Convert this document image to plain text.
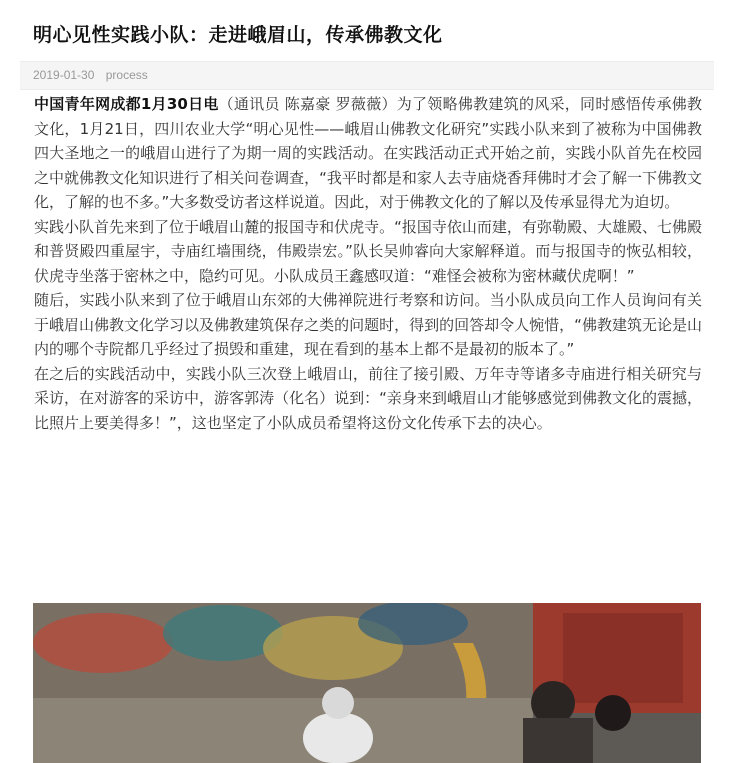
明心见性实践小队：走进峨眉山，传承佛教文化
2019-01-30 process

中国青年网成都1月30日电（通讯员 陈嘉豪 罗薇薇）为了领略佛教建筑的风采，同时感悟传承佛教文化，1月21日，四川农业大学“明心见性——峨眉山佛教文化研究”实践小队来到了被称为中国佛教四大圣地之一的峨眉山进行了为期一周的实践活动。在实践活动正式开始之前，实践小队首先在校园之中就佛教文化知识进行了相关问卷调查，“我平时都是和家人去寺庙烧香拜佛时才会了解一下佛教文化，了解的也不多。”大多数受访者这样说道。因此，对于佛教文化的了解以及传承显得尤为迫切。

实践小队首先来到了位于峨眉山麓的报国寺和伏虎寺。“报国寺依山而建，有弥勒殿、大雄殿、七佛殿和普贤殿四重屋宇，寺庙红墙围绕，伟殿崇宏。”队长吴帅睿向大家解释道。而与报国寺的恢弘相较，伏虎寺坐落于密林之中，隐约可见。小队成员王鑫感叹道：“难怪会被称为密林藏伏虎啊！”

随后，实践小队来到了位于峨眉山东郊的大佛禅院进行考察和访问。当小队成员向工作人员询问有关于峨眉山佛教文化学习以及佛教建筑保存之类的问题时，得到的回答却令人惋惜，“佛教建筑无论是山内的哪个寺院都几乎经过了损毁和重建，现在看到的基本上都不是最初的版本了。”

在之后的实践活动中，实践小队三次登上峨眉山，前往了接引殿、万年寺等诸多寺庙进行相关研究与采访，在对游客的采访中，游客郭涛（化名）说到：“亲身来到峨眉山才能够感觉到佛教文化的震撼，比照片上要美得多！”，这也坚定了小队成员希望将这份文化传承下去的决心。
